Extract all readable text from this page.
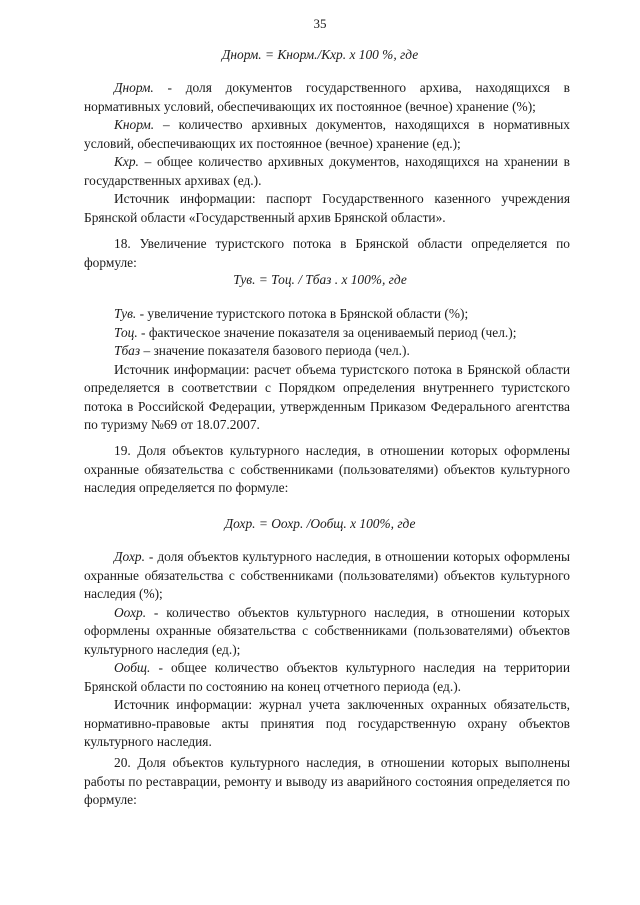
35
Днорм. = Кнорм./Кхр. х 100 %, где

Днорм. - доля документов государственного архива, находящихся в нормативных условий, обеспечивающих их постоянное (вечное) хранение (%);

Кнорм. – количество архивных документов, находящихся в нормативных условий, обеспечивающих их постоянное (вечное) хранение (ед.);

Кхр. – общее количество архивных документов, находящихся на хранении в государственных архивах (ед.).

Источник информации: паспорт Государственного казенного учреждения Брянской области «Государственный архив Брянской области».

18. Увеличение туристского потока в Брянской области определяется по формуле:

Тув. = Тоц. / Тбаз . х 100%, где

Тув. - увеличение туристского потока в Брянской области (%);

Тоц. - фактическое значение показателя за оцениваемый период (чел.);

Тбаз – значение показателя базового периода (чел.).

Источник информации: расчет объема туристского потока в Брянской области определяется в соответствии с Порядком определения внутреннего туристского потока в Российской Федерации, утвержденным Приказом Федерального агентства по туризму №69 от 18.07.2007.

19. Доля объектов культурного наследия, в отношении которых оформлены охранные обязательства с собственниками (пользователями) объектов культурного наследия определяется по формуле:

Дохр. = Оохр. /Ообщ. х 100%, где

Дохр. - доля объектов культурного наследия, в отношении которых оформлены охранные обязательства с собственниками (пользователями) объектов культурного наследия (%);

Оохр. - количество объектов культурного наследия, в отношении которых оформлены охранные обязательства с собственниками (пользователями) объектов культурного наследия (ед.);

Ообщ. - общее количество объектов культурного наследия на территории Брянской области по состоянию на конец отчетного периода (ед.).

Источник информации: журнал учета заключенных охранных обязательств, нормативно-правовые акты принятия под государственную охрану объектов культурного наследия.

20. Доля объектов культурного наследия, в отношении которых выполнены работы по реставрации, ремонту и выводу из аварийного состояния определяется по формуле:
